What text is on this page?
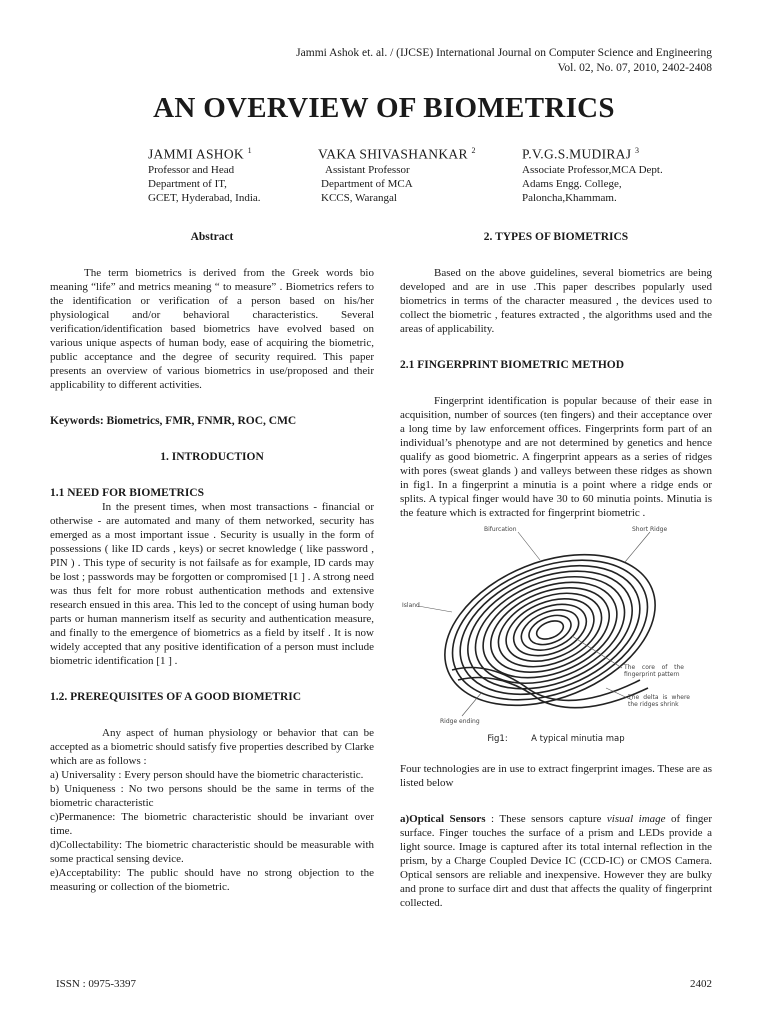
Jammi Ashok et. al. / (IJCSE) International Journal on Computer Science and Engineering
Vol. 02, No. 07, 2010, 2402-2408
AN OVERVIEW OF BIOMETRICS
JAMMI ASHOK $^1$
Professor and Head
Department of IT,
GCET, Hyderabad, India.
VAKA SHIVASHANKAR $^2$
Assistant Professor
Department of MCA
KCCS, Warangal
P.V.G.S.MUDIRAJ $^3$
Associate Professor,MCA Dept.
Adams Engg. College,
Paloncha,Khammam.

Abstract

The term biometrics is derived from the Greek words bio meaning “life” and metrics meaning “ to measure” . Biometrics refers to the identification or verification of a person based on his/her physiological and/or behavioral characteristics. Several verification/identification based biometrics have evolved based on various unique aspects of human body, ease of acquiring the biometric, public acceptance and the degree of security required. This paper presents an overview of various biometrics in use/proposed and their applicability to different activities.

Keywords: Biometrics, FMR, FNMR, ROC, CMC

1. INTRODUCTION

1.1 NEED FOR BIOMETRICS

In the present times, when most transactions - financial or otherwise - are automated and many of them networked, security has emerged as a most important issue . Security is usually in the form of possessions ( like ID cards , keys) or secret knowledge ( like password , PIN ) . This type of security is not failsafe as for example, ID cards may be lost ; passwords may be forgotten or compromised [1 ] . A strong need was thus felt for more robust authentication methods and extensive research ensued in this area. This led to the concept of using human body parts or human mannerism itself as security and authentication measure, and finally to the emergence of biometrics as a field by itself . It is now widely accepted that any positive identification of a person must include biometric identification [1 ] .

1.2. PREREQUISITES OF A GOOD BIOMETRIC

Any aspect of human physiology or behavior that can be accepted as a biometric should satisfy five properties described by Clarke which are as follows :

a) Universality : Every person should have the biometric characteristic.

b) Uniqueness : No two persons should be the same in terms of the biometric characteristic

c)Permanence: The biometric characteristic should be invariant over time.

d)Collectability: The biometric characteristic should be measurable with some practical sensing device.

e)Acceptability: The public should have no strong objection to the measuring or collection of the biometric.

2. TYPES OF BIOMETRICS

Based on the above guidelines, several biometrics are being developed and are in use .This paper describes popularly used biometrics in terms of the character measured , the devices used to collect the biometric , features extracted , the algorithms used and the areas of applicability.

2.1 FINGERPRINT BIOMETRIC METHOD

Fingerprint identification is popular because of their ease in acquisition, number of sources (ten fingers) and their acceptance over a long time by law enforcement offices. Fingerprints form part of an individual’s phenotype and are not determined by genetics and hence qualify as good biometric. A fingerprint appears as a series of ridges with pores (sweat glands ) and valleys between these ridges as shown in fig1. In a fingerprint a minutia is a point where a ridge ends or splits. A typical finger would have 30 to 60 minutia points. Minutia is the feature which is extracted for fingerprint biometric .

Bifurcation	Short Ridge
Island
The core of the fingerprint pattern
The delta is where the ridges shrink
Ridge ending

Fig1:	A typical minutia map

Four technologies are in use to extract fingerprint images. These are as listed below

a)Optical Sensors : These sensors capture visual image of finger surface. Finger touches the surface of a prism and LEDs provide a light source. Image is captured after its total internal reflection in the prism, by a Charge Coupled Device IC (CCD-IC) or CMOS Camera. Optical sensors are reliable and inexpensive. However they are bulky and prone to surface dirt and dust that affects the quality of fingerprint collected.

ISSN : 0975-3397	2402
